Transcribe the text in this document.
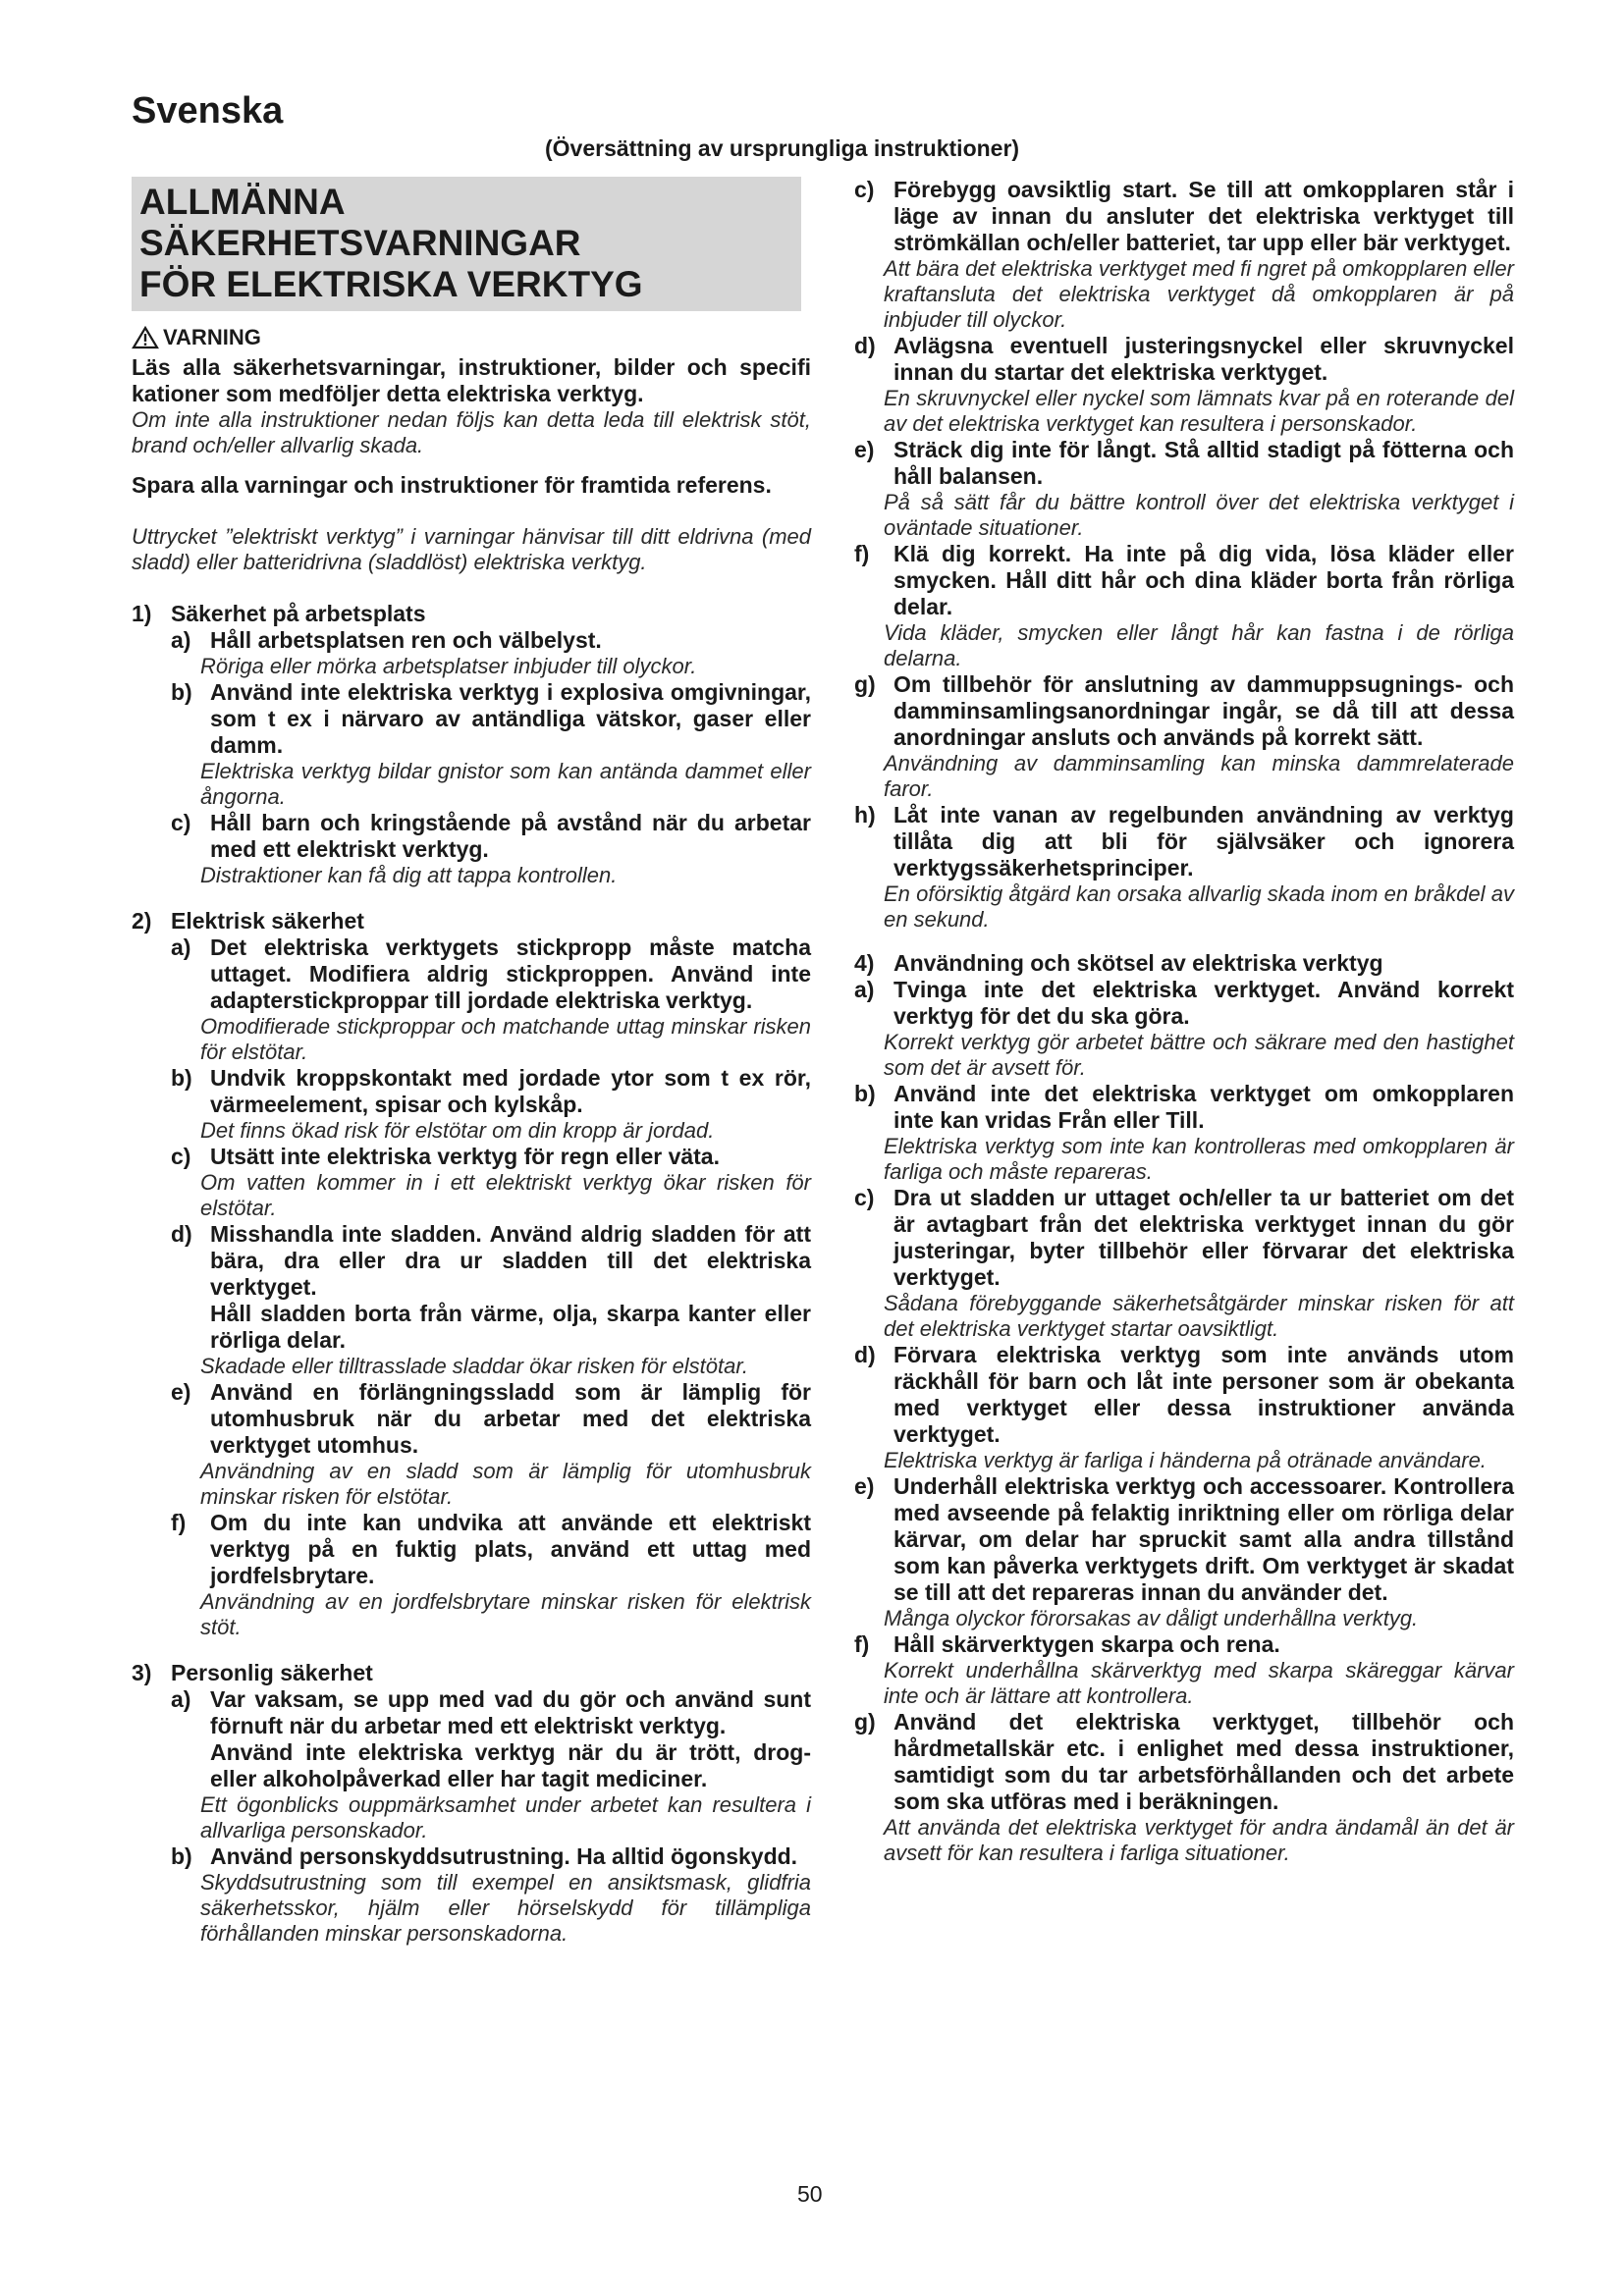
Svenska

(Översättning av ursprungliga instruktioner)

ALLMÄNNA SÄKERHETSVARNINGAR
FÖR ELEKTRISKA VERKTYG
VARNING

Läs alla säkerhetsvarningar, instruktioner, bilder och specifi kationer som medföljer detta elektriska verktyg.

Om inte alla instruktioner nedan följs kan detta leda till elektrisk stöt, brand och/eller allvarlig skada.

Spara alla varningar och instruktioner för framtida referens.

Uttrycket ”elektriskt verktyg” i varningar hänvisar till ditt eldrivna (med sladd) eller batteridrivna (sladdlöst) elektriska verktyg.

1) Säkerhet på arbetsplats
a) Håll arbetsplatsen ren och välbelyst.

Röriga eller mörka arbetsplatser inbjuder till olyckor.

b) Använd inte elektriska verktyg i explosiva omgivningar, som t ex i närvaro av antändliga vätskor, gaser eller damm.

Elektriska verktyg bildar gnistor som kan antända dammet eller ångorna.

c) Håll barn och kringstående på avstånd när du arbetar med ett elektriskt verktyg.

Distraktioner kan få dig att tappa kontrollen.

2) Elektrisk säkerhet
a) Det elektriska verktygets stickpropp måste matcha uttaget. Modifiera aldrig stickproppen. Använd inte adapterstickproppar till jordade elektriska verktyg.

Omodifierade stickproppar och matchande uttag minskar risken för elstötar.

b) Undvik kroppskontakt med jordade ytor som t ex rör, värmeelement, spisar och kylskåp.

Det finns ökad risk för elstötar om din kropp är jordad.

c) Utsätt inte elektriska verktyg för regn eller väta.

Om vatten kommer in i ett elektriskt verktyg ökar risken för elstötar.

d) Misshandla inte sladden. Använd aldrig sladden för att bära, dra eller dra ur sladden till det elektriska verktyget.

Håll sladden borta från värme, olja, skarpa kanter eller rörliga delar.

Skadade eller tilltrasslade sladdar ökar risken för elstötar.

e) Använd en förlängningssladd som är lämplig för utomhusbruk när du arbetar med det elektriska verktyget utomhus.

Användning av en sladd som är lämplig för utomhusbruk minskar risken för elstötar.

f)	Om du inte kan undvika att använde ett elektriskt verktyg på en fuktig plats, använd ett uttag med jordfelsbrytare.

Användning av en jordfelsbrytare minskar risken för elektrisk stöt.

3) Personlig säkerhet
a) Var vaksam, se upp med vad du gör och använd sunt förnuft när du arbetar med ett elektriskt verktyg.

Använd inte elektriska verktyg när du är trött, drog- eller alkoholpåverkad eller har tagit mediciner.

Ett ögonblicks ouppmärksamhet under arbetet kan resultera i allvarliga personskador.

b) Använd personskyddsutrustning. Ha alltid ögonskydd.

Skyddsutrustning som till exempel en ansiktsmask, glidfria säkerhetsskor, hjälm eller hörselskydd för tillämpliga förhållanden minskar personskadorna.

c) Förebygg oavsiktlig start. Se till att omkopplaren står i läge av innan du ansluter det elektriska verktyget till strömkällan och/eller batteriet, tar upp eller bär verktyget.

Att bära det elektriska verktyget med fi ngret på omkopplaren eller kraftansluta det elektriska verktyget då omkopplaren är på inbjuder till olyckor.

d) Avlägsna eventuell justeringsnyckel eller skruvnyckel innan du startar det elektriska verktyget.

En skruvnyckel eller nyckel som lämnats kvar på en roterande del av det elektriska verktyget kan resultera i personskador.

e) Sträck dig inte för långt. Stå alltid stadigt på fötterna och håll balansen.

På så sätt får du bättre kontroll över det elektriska verktyget i oväntade situationer.

f)	Klä dig korrekt. Ha inte på dig vida, lösa kläder eller smycken. Håll ditt hår och dina kläder borta från rörliga delar.

Vida kläder, smycken eller långt hår kan fastna i de rörliga delarna.

g) Om tillbehör för anslutning av dammuppsugnings- och damminsamlingsanordningar ingår, se då till att dessa anordningar ansluts och används på korrekt sätt.

Användning av damminsamling kan minska dammrelaterade faror.

h) Låt inte vanan av regelbunden användning av verktyg tillåta dig att bli för självsäker och ignorera verktygssäkerhetsprinciper.

En oförsiktig åtgärd kan orsaka allvarlig skada inom en bråkdel av en sekund.

4) Användning och skötsel av elektriska verktyg
a) Tvinga inte det elektriska verktyget. Använd korrekt verktyg för det du ska göra.

Korrekt verktyg gör arbetet bättre och säkrare med den hastighet som det är avsett för.

b) Använd inte det elektriska verktyget om omkopplaren inte kan vridas Från eller Till.

Elektriska verktyg som inte kan kontrolleras med omkopplaren är farliga och måste repareras.

c) Dra ut sladden ur uttaget och/eller ta ur batteriet om det är avtagbart från det elektriska verktyget innan du gör justeringar, byter tillbehör eller förvarar det elektriska verktyget.

Sådana förebyggande säkerhetsåtgärder minskar risken för att det elektriska verktyget startar oavsiktligt.

d) Förvara elektriska verktyg som inte används utom räckhåll för barn och låt inte personer som är obekanta med verktyget eller dessa instruktioner använda verktyget.

Elektriska verktyg är farliga i händerna på otränade användare.

e) Underhåll elektriska verktyg och accessoarer. Kontrollera med avseende på felaktig inriktning eller om rörliga delar kärvar, om delar har spruckit samt alla andra tillstånd som kan påverka verktygets drift. Om verktyget är skadat se till att det repareras innan du använder det.

Många olyckor förorsakas av dåligt underhållna verktyg.

f)	Håll skärverktygen skarpa och rena.

Korrekt underhållna skärverktyg med skarpa skäreggar kärvar inte och är lättare att kontrollera.

g) Använd det elektriska verktyget, tillbehör och hårdmetallskär etc. i enlighet med dessa instruktioner, samtidigt som du tar arbetsförhållanden och det arbete som ska utföras med i beräkningen.

Att använda det elektriska verktyget för andra ändamål än det är avsett för kan resultera i farliga situationer.

50
